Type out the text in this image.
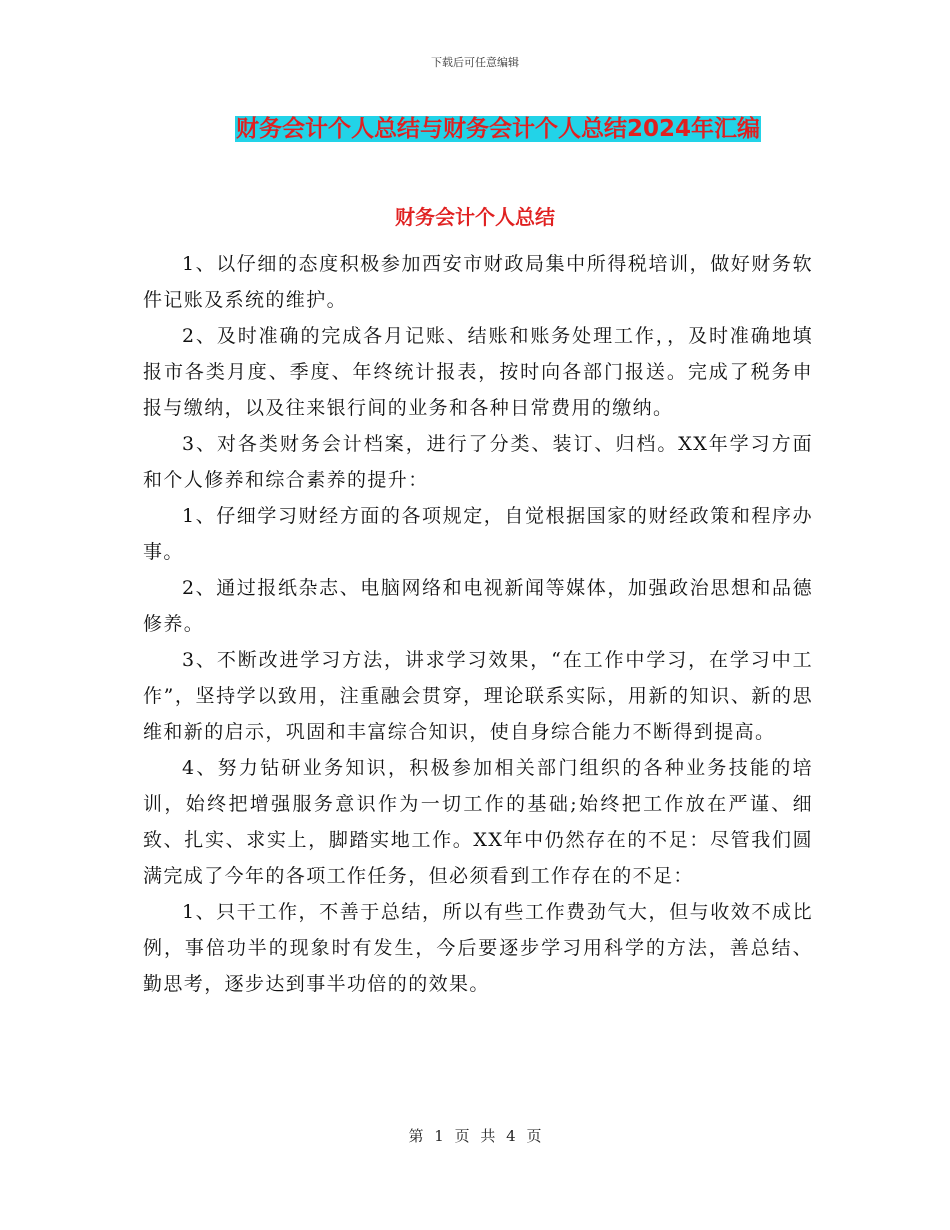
下载后可任意编辑
财务会计个人总结与财务会计个人总结2024年汇编
财务会计个人总结

1、以仔细的态度积极参加西安市财政局集中所得税培训，做好财务软件记账及系统的维护。

2、及时准确的完成各月记账、结账和账务处理工作，，及时准确地填报市各类月度、季度、年终统计报表，按时向各部门报送。完成了税务申报与缴纳，以及往来银行间的业务和各种日常费用的缴纳。

3、对各类财务会计档案，进行了分类、装订、归档。XX年学习方面和个人修养和综合素养的提升：

1、仔细学习财经方面的各项规定，自觉根据国家的财经政策和程序办事。

2、通过报纸杂志、电脑网络和电视新闻等媒体，加强政治思想和品德修养。

3、不断改进学习方法，讲求学习效果，“在工作中学习，在学习中工作”，坚持学以致用，注重融会贯穿，理论联系实际，用新的知识、新的思维和新的启示，巩固和丰富综合知识，使自身综合能力不断得到提高。

4、努力钻研业务知识，积极参加相关部门组织的各种业务技能的培训，始终把增强服务意识作为一切工作的基础;始终把工作放在严谨、细致、扎实、求实上，脚踏实地工作。XX年中仍然存在的不足：尽管我们圆满完成了今年的各项工作任务，但必须看到工作存在的不足：

1、只干工作，不善于总结，所以有些工作费劲气大，但与收效不成比例，事倍功半的现象时有发生，今后要逐步学习用科学的方法，善总结、勤思考，逐步达到事半功倍的的效果。

第 1 页 共 4 页
